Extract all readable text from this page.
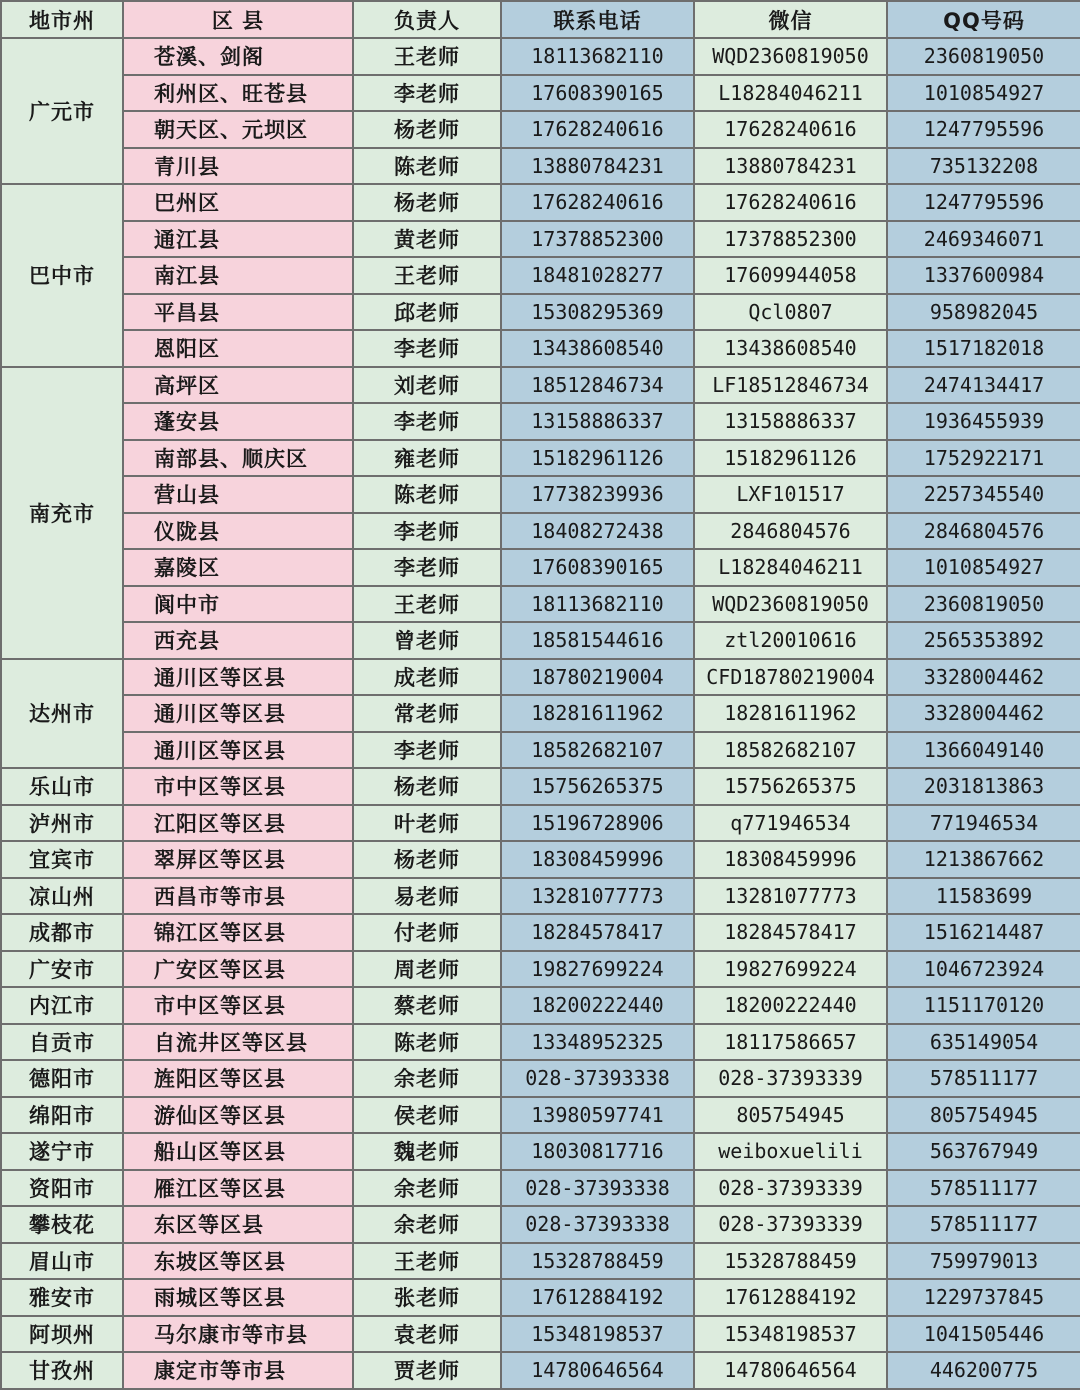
地市州	区 县	负责人	联系电话	微信	QQ号码
广元市	苍溪、剑阁	王老师	18113682110	WQD2360819050	2360819050
	利州区、旺苍县	李老师	17608390165	L18284046211	1010854927
	朝天区、元坝区	杨老师	17628240616	17628240616	1247795596
	青川县	陈老师	13880784231	13880784231	735132208
巴中市	巴州区	杨老师	17628240616	17628240616	1247795596
	通江县	黄老师	17378852300	17378852300	2469346071
	南江县	王老师	18481028277	17609944058	1337600984
	平昌县	邱老师	15308295369	Qcl0807	958982045
	恩阳区	李老师	13438608540	13438608540	1517182018
南充市	高坪区	刘老师	18512846734	LF18512846734	2474134417
	蓬安县	李老师	13158886337	13158886337	1936455939
	南部县、顺庆区	雍老师	15182961126	15182961126	1752922171
	营山县	陈老师	17738239936	LXF101517	2257345540
	仪陇县	李老师	18408272438	2846804576	2846804576
	嘉陵区	李老师	17608390165	L18284046211	1010854927
	阆中市	王老师	18113682110	WQD2360819050	2360819050
	西充县	曾老师	18581544616	ztl20010616	2565353892
达州市	通川区等区县	成老师	18780219004	CFD18780219004	3328004462
	通川区等区县	常老师	18281611962	18281611962	3328004462
	通川区等区县	李老师	18582682107	18582682107	1366049140
乐山市	市中区等区县	杨老师	15756265375	15756265375	2031813863
泸州市	江阳区等区县	叶老师	15196728906	q771946534	771946534
宜宾市	翠屏区等区县	杨老师	18308459996	18308459996	1213867662
凉山州	西昌市等市县	易老师	13281077773	13281077773	11583699
成都市	锦江区等区县	付老师	18284578417	18284578417	1516214487
广安市	广安区等区县	周老师	19827699224	19827699224	1046723924
内江市	市中区等区县	蔡老师	18200222440	18200222440	1151170120
自贡市	自流井区等区县	陈老师	13348952325	18117586657	635149054
德阳市	旌阳区等区县	余老师	028-37393338	028-37393339	578511177
绵阳市	游仙区等区县	侯老师	13980597741	805754945	805754945
遂宁市	船山区等区县	魏老师	18030817716	weiboxuelili	563767949
资阳市	雁江区等区县	余老师	028-37393338	028-37393339	578511177
攀枝花	东区等区县	余老师	028-37393338	028-37393339	578511177
眉山市	东坡区等区县	王老师	15328788459	15328788459	759979013
雅安市	雨城区等区县	张老师	17612884192	17612884192	1229737845
阿坝州	马尔康市等市县	袁老师	15348198537	15348198537	1041505446
甘孜州	康定市等市县	贾老师	14780646564	14780646564	446200775
